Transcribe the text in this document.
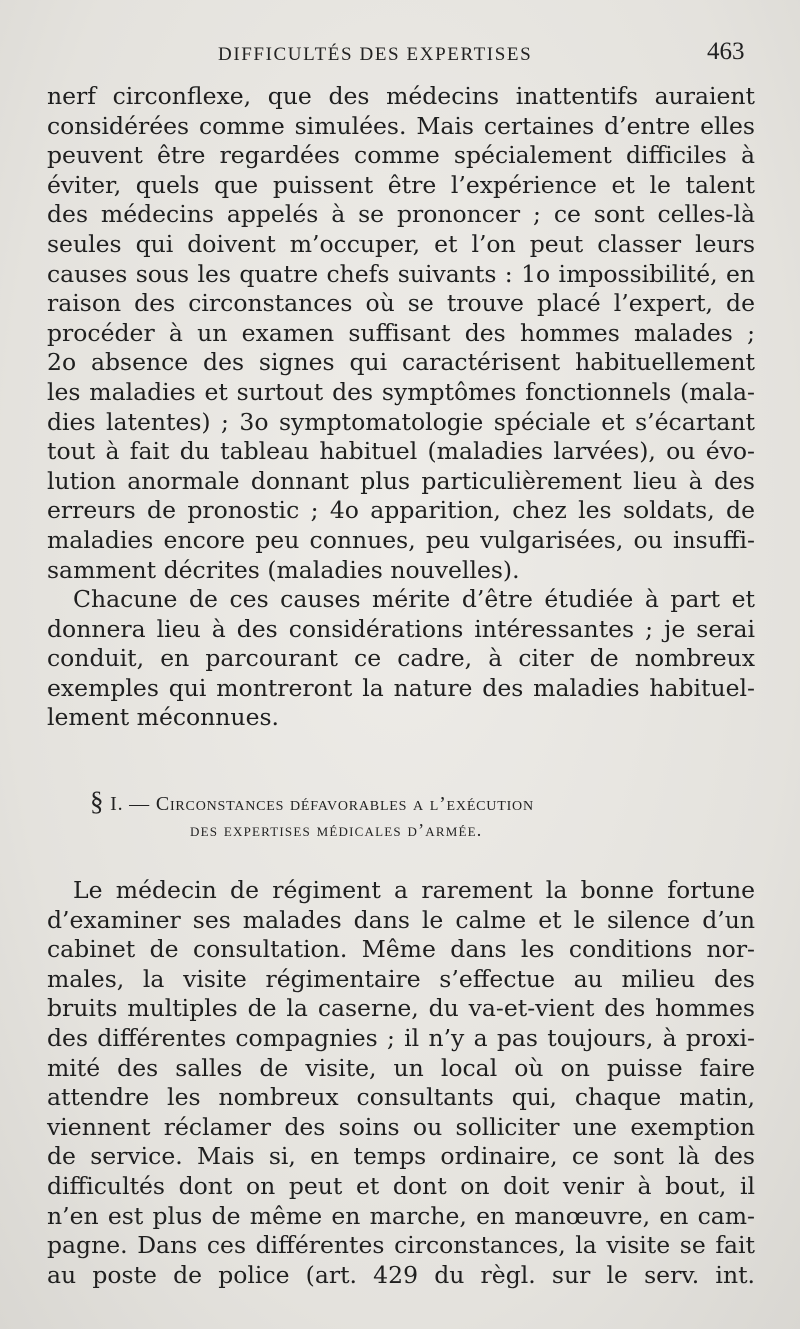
DIFFICULTÉS DES EXPERTISES	463
nerf circonflexe, que des médecins inattentifs auraient
considérées comme simulées. Mais certaines d’entre elles
peuvent être regardées comme spécialement difficiles à
éviter, quels que puissent être l’expérience et le talent
des médecins appelés à se prononcer ; ce sont celles-là
seules qui doivent m’occuper, et l’on peut classer leurs
causes sous les quatre chefs suivants : 1o impossibilité, en
raison des circonstances où se trouve placé l’expert, de
procéder à un examen suffisant des hommes malades ;
2o absence des signes qui caractérisent habituellement
les maladies et surtout des symptômes fonctionnels (mala-
dies latentes) ; 3o symptomatologie spéciale et s’écartant
tout à fait du tableau habituel (maladies larvées), ou évo-
lution anormale donnant plus particulièrement lieu à des
erreurs de pronostic ; 4o apparition, chez les soldats, de
maladies encore peu connues, peu vulgarisées, ou insuffi-
samment décrites (maladies nouvelles).
Chacune de ces causes mérite d’être étudiée à part et
donnera lieu à des considérations intéressantes ; je serai
conduit, en parcourant ce cadre, à citer de nombreux
exemples qui montreront la nature des maladies habituel-
lement méconnues.
§ I. — Circonstances défavorables a l’exécution
des expertises médicales d’armée.
Le médecin de régiment a rarement la bonne fortune
d’examiner ses malades dans le calme et le silence d’un
cabinet de consultation. Même dans les conditions nor-
males, la visite régimentaire s’effectue au milieu des
bruits multiples de la caserne, du va-et-vient des hommes
des différentes compagnies ; il n’y a pas toujours, à proxi-
mité des salles de visite, un local où on puisse faire
attendre les nombreux consultants qui, chaque matin,
viennent réclamer des soins ou solliciter une exemption
de service. Mais si, en temps ordinaire, ce sont là des
difficultés dont on peut et dont on doit venir à bout, il
n’en est plus de même en marche, en manœuvre, en cam-
pagne. Dans ces différentes circonstances, la visite se fait
au poste de police (art. 429 du règl. sur le serv. int.
